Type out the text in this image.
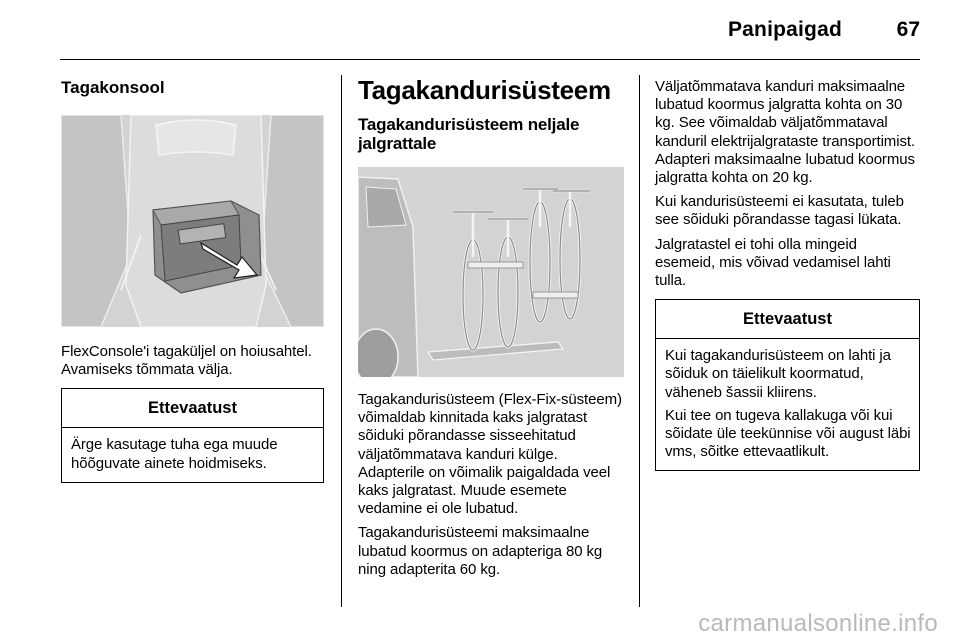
Panipaigad	67
Tagakonsool

FlexConsole'i tagaküljel on hoiusahtel. Avamiseks tõmmata välja.

Ettevaatust

Ärge kasutage tuha ega muude hõõguvate ainete hoidmiseks.

Tagakandurisüsteem
Tagakandurisüsteem neljale jalgrattale

Tagakandurisüsteem (Flex-Fix-süsteem) võimaldab kinnitada kaks jalgratast sõiduki põrandasse sisseehitatud väljatõmmatava kanduri külge. Adapterile on võimalik paigaldada veel kaks jalgratast. Muude esemete vedamine ei ole lubatud.

Tagakandurisüsteemi maksimaalne lubatud koormus on adapteriga 80 kg ning adapterita 60 kg.

Väljatõmmatava kanduri maksimaalne lubatud koormus jalgratta kohta on 30 kg. See võimaldab väljatõmmataval kanduril elektrijalgrataste transportimist. Adapteri maksimaalne lubatud koormus jalgratta kohta on 20 kg.

Kui kandurisüsteemi ei kasutata, tuleb see sõiduki põrandasse tagasi lükata.

Jalgratastel ei tohi olla mingeid esemeid, mis võivad vedamisel lahti tulla.

Ettevaatust

Kui tagakandurisüsteem on lahti ja sõiduk on täielikult koormatud, väheneb šassii kliirens.

Kui tee on tugeva kallakuga või kui sõidate üle teekünnise või august läbi vms, sõitke ettevaatlikult.

carmanualsonline.info
